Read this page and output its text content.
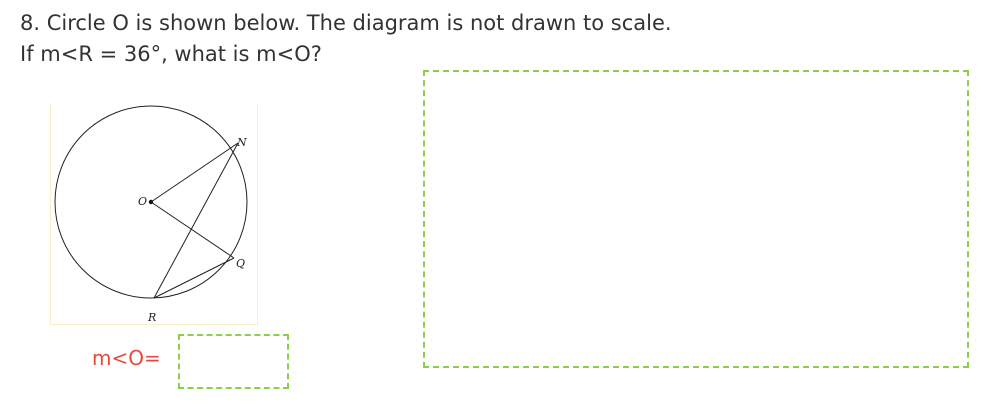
8. Circle O is shown below. The diagram is not drawn to scale.
If m<R = 36°, what is m<O?
O
N
Q
R
m<O=
